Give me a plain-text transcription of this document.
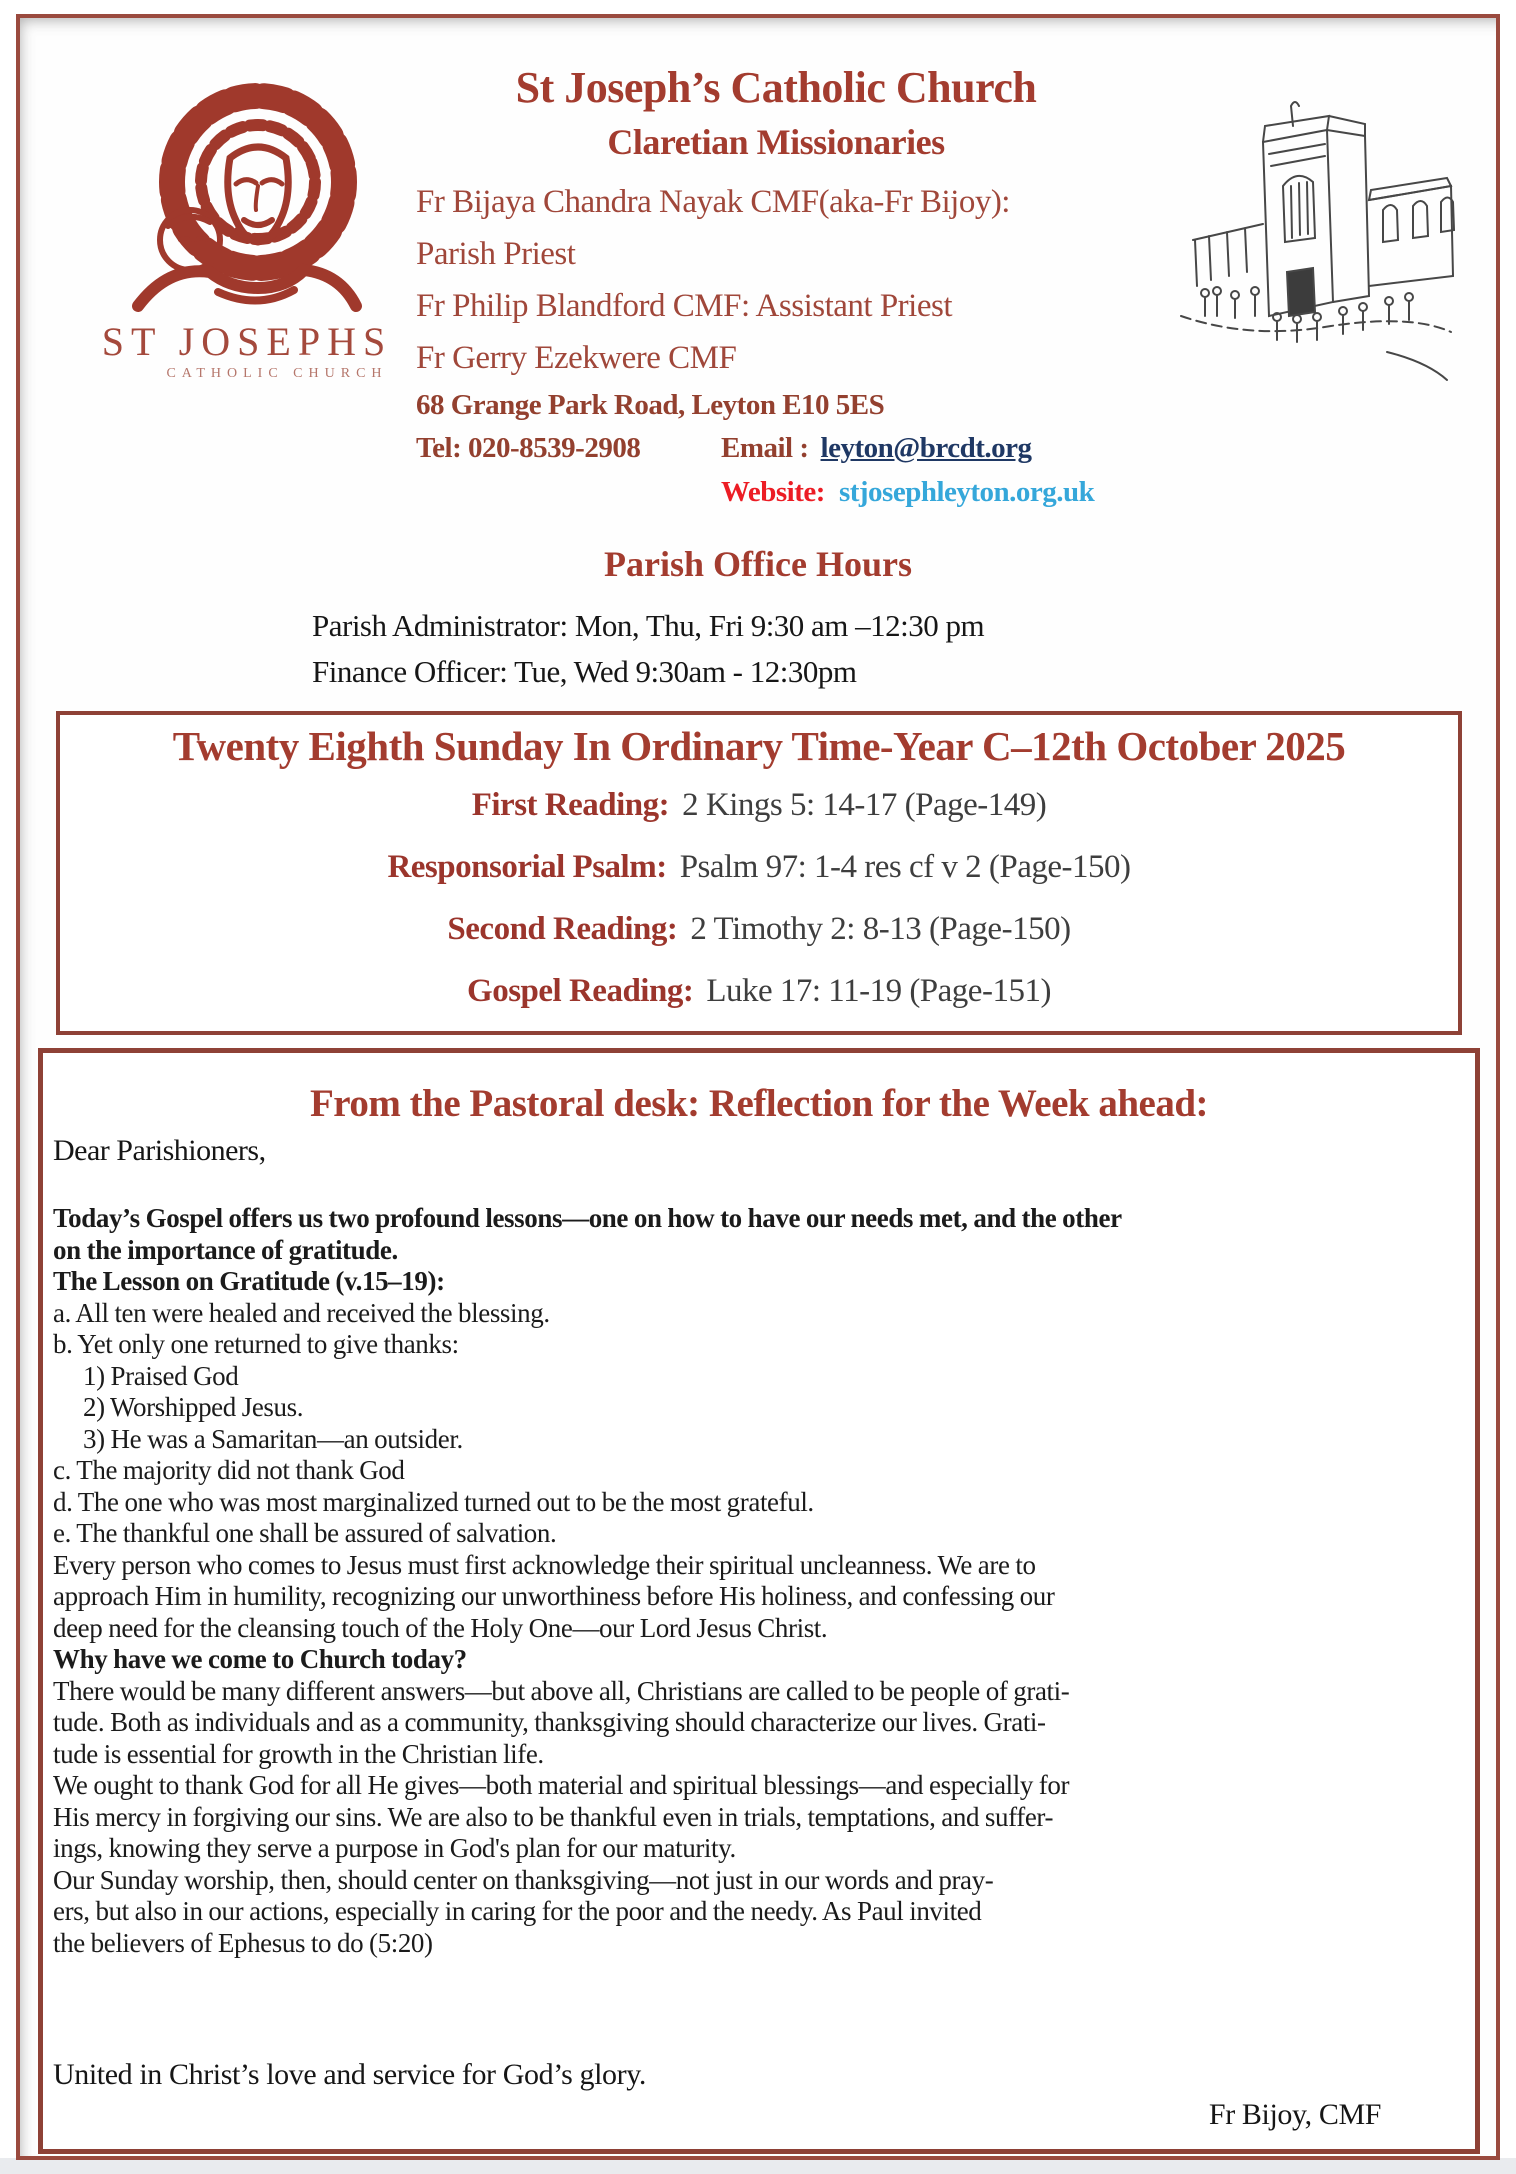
ST JOSEPHS
CATHOLIC CHURCH
St Joseph’s Catholic Church
Claretian Missionaries
Fr Bijaya Chandra Nayak CMF(aka-Fr Bijoy):
Parish Priest
Fr Philip Blandford CMF: Assistant Priest
Fr Gerry Ezekwere CMF
68 Grange Park Road, Leyton E10 5ES
Tel: 020-8539-2908	Email : leyton@brcdt.org
Website: stjosephleyton.org.uk
Parish Office Hours
Parish Administrator: Mon, Thu, Fri 9:30 am –12:30 pm
Finance Officer: Tue, Wed 9:30am - 12:30pm
Twenty Eighth Sunday In Ordinary Time-Year C–12th October 2025
First Reading: 2 Kings 5: 14-17 (Page-149)
Responsorial Psalm: Psalm 97: 1-4 res cf v 2 (Page-150)
Second Reading: 2 Timothy 2: 8-13 (Page-150)
Gospel Reading: Luke 17: 11-19 (Page-151)
From the Pastoral desk: Reflection for the Week ahead:
Dear Parishioners,
Today’s Gospel offers us two profound lessons—one on how to have our needs met, and the other
on the importance of gratitude.
The Lesson on Gratitude (v.15–19):
a. All ten were healed and received the blessing.
b. Yet only one returned to give thanks:
1) Praised God
2) Worshipped Jesus.
3) He was a Samaritan—an outsider.
c. The majority did not thank God
d. The one who was most marginalized turned out to be the most grateful.
e. The thankful one shall be assured of salvation.
Every person who comes to Jesus must first acknowledge their spiritual uncleanness. We are to
approach Him in humility, recognizing our unworthiness before His holiness, and confessing our
deep need for the cleansing touch of the Holy One—our Lord Jesus Christ.
Why have we come to Church today?
There would be many different answers—but above all, Christians are called to be people of grati-
tude. Both as individuals and as a community, thanksgiving should characterize our lives. Grati-
tude is essential for growth in the Christian life.
We ought to thank God for all He gives—both material and spiritual blessings—and especially for
His mercy in forgiving our sins. We are also to be thankful even in trials, temptations, and suffer-
ings, knowing they serve a purpose in God's plan for our maturity.
Our Sunday worship, then, should center on thanksgiving—not just in our words and pray-
ers, but also in our actions, especially in caring for the poor and the needy. As Paul invited
the believers of Ephesus to do (5:20)
United in Christ’s love and service for God’s glory.
Fr Bijoy, CMF
